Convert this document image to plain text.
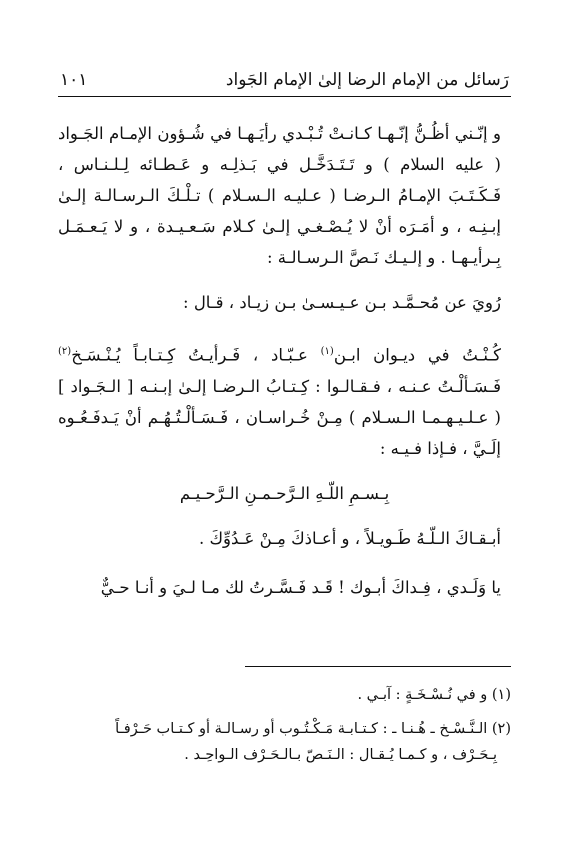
رَسائل من الإمام الرضا إلىٰ الإمام الجَواد
١٠١

و إنّـني أظُـنُّ إنّـهـا كـانـتْ تُـبْـدي رأيَـهـا في شُـؤون الإمـام الجَـواد ( عليه السلام ) و تَـتَـدَخَّـل في بَـذلِـه و عَـطـائه لِـلـنـاس ، فَـكَـتَـبَ الإمـامُ الـرضـا ( عـليـه الـسـلام ) تـلْـكَ الـرسـالـة إلـىٰ إبـنِـه ، و أمَـرَه أنْ لا يُـصْـغـي إلـىٰ كـلام سَـعـيـدة ، و لا يَـعـمَـل بِـرأيـهـا . و إلـيـك نَـصَّ الـرسـالـة :

رُويَ عن مُحـمَّـد بـن عـيـسـىٰ بـن زيـاد ، قـال :

كُـنْـتُ في ديـوان ابـن$^{(١)}$ عـبّـاد ، فَـرأيـتُ كِـتـابـاً يُـنْـسَـخ$^{(٢)}$ فَـسَـألْـتُ عـنـه ، فـقـالـوا : كِـتـابُ الـرضـا إلـىٰ إبـنـه [ الـجَـواد ] ( عـلـيـهـمـا الـسـلام ) مِـنْ خُـراسـان ، فَـسَـألْـتُـهُـم أنْ يَـدفَـعُـوه إلَـيَّ ، فـإذا فـيـه :

بِـسـمِ اللّـهِ الـرَّحـمـنِ الـرَّحـيـم

أبـقـاكَ الـلّـهُ طَـويـلاً ، و أعـاذكَ مِـنْ عَـدُوِّكَ .

يا وَلَـدي ، فِـداكَ أبـوك ! قَـد فَـسَّـرتُ لك مـا لـيَ و أنـا حـيٌّ

(١) و في نُـسْـخَـةٍ : آبـي .

(٢) الـنَّـسْـخ ـ هُـنـا ـ : كـتـابـة مَـكْـتُـوب أو رسـالـة أو كـتـاب حَـرْفـاً

بِـحَـرْف ، و كـمـا يُـقـال : الـنَـصّ بـالـحَـرْف الـواحِـد .
